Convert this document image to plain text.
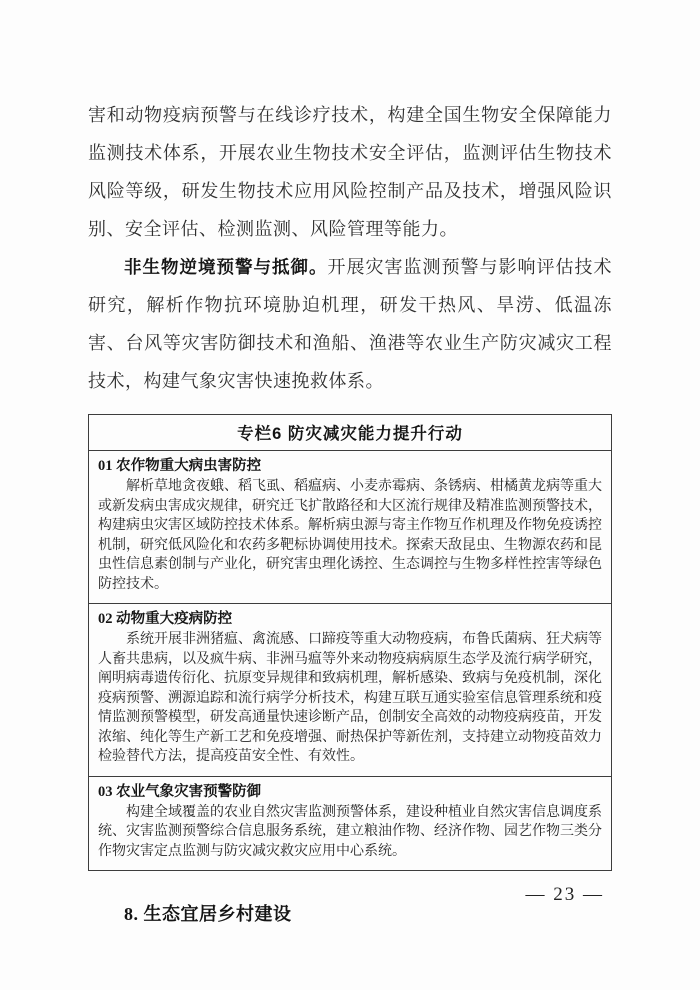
害和动物疫病预警与在线诊疗技术，构建全国生物安全保障能力监测技术体系，开展农业生物技术安全评估，监测评估生物技术风险等级，研发生物技术应用风险控制产品及技术，增强风险识别、安全评估、检测监测、风险管理等能力。

非生物逆境预警与抵御。开展灾害监测预警与影响评估技术研究，解析作物抗环境胁迫机理，研发干热风、旱涝、低温冻害、台风等灾害防御技术和渔船、渔港等农业生产防灾减灾工程技术，构建气象灾害快速挽救体系。

专栏6 防灾减灾能力提升行动

01 农作物重大病虫害防控

解析草地贪夜蛾、稻飞虱、稻瘟病、小麦赤霉病、条锈病、柑橘黄龙病等重大或新发病虫害成灾规律，研究迁飞扩散路径和大区流行规律及精准监测预警技术，构建病虫灾害区域防控技术体系。解析病虫源与寄主作物互作机理及作物免疫诱控机制，研究低风险化和农药多靶标协调使用技术。探索天敌昆虫、生物源农药和昆虫性信息素创制与产业化，研究害虫理化诱控、生态调控与生物多样性控害等绿色防控技术。

02 动物重大疫病防控

系统开展非洲猪瘟、禽流感、口蹄疫等重大动物疫病，布鲁氏菌病、狂犬病等人畜共患病，以及疯牛病、非洲马瘟等外来动物疫病病原生态学及流行病学研究，阐明病毒遗传衍化、抗原变异规律和致病机理，解析感染、致病与免疫机制，深化疫病预警、溯源追踪和流行病学分析技术，构建互联互通实验室信息管理系统和疫情监测预警模型，研发高通量快速诊断产品，创制安全高效的动物疫病疫苗，开发浓缩、纯化等生产新工艺和免疫增强、耐热保护等新佐剂，支持建立动物疫苗效力检验替代方法，提高疫苗安全性、有效性。

03 农业气象灾害预警防御

构建全域覆盖的农业自然灾害监测预警体系，建设种植业自然灾害信息调度系统、灾害监测预警综合信息服务系统，建立粮油作物、经济作物、园艺作物三类分作物灾害定点监测与防灾减灾救灾应用中心系统。

8. 生态宜居乡村建设

— 23 —
